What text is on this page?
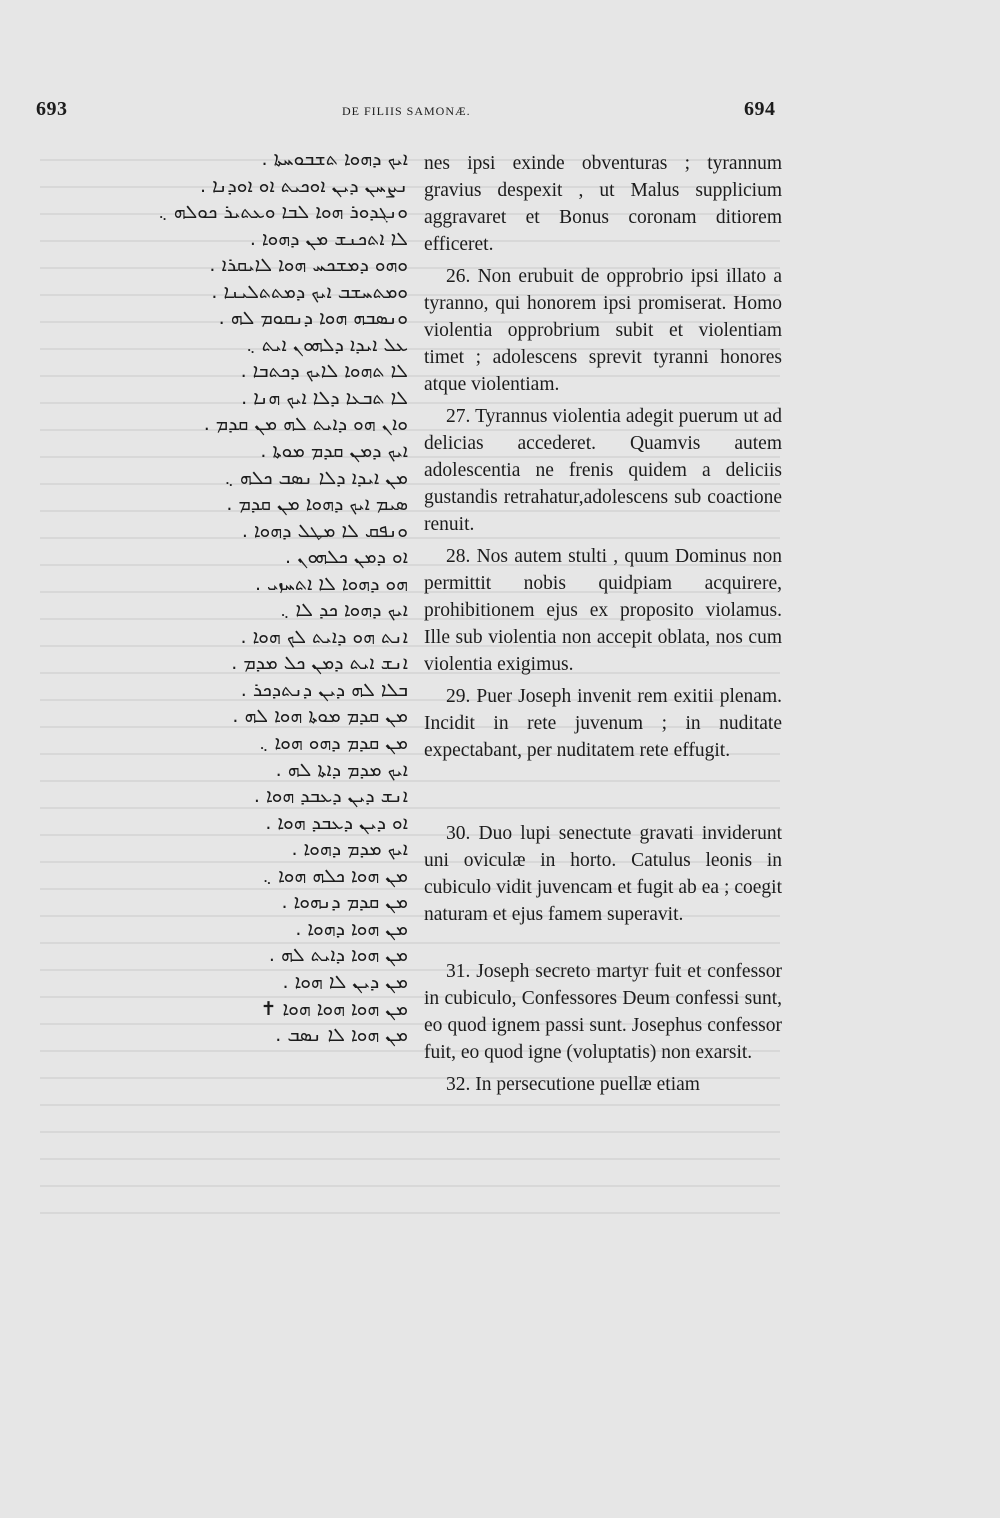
693	DE FILIIS SAMONÆ.	694
ܐܝܟ ܕܗܘܐ ܬܫܒܘܚܬܐ .
ܢܨܚܢ ܕܝܢ ܐܘܟܝܬ ܐܘ ܐܘܕܢܐ .
ܘܢܓܕܘܪ ܗܘܐ ܠܒܐ ܘܥܬܝܪ ܟܘܠܗ ܆
ܠܐ ܐܬܟܢܫ ܡܢ ܕܗܘܐ .
ܘܗܘ ܕܡܫܟܚ ܗܘܐ ܠܐܝܩܪܐ .
ܘܡܬܚܫܒ ܐܝܟ ܕܡܬܬܠܝܢܐ .
ܘܢܣܒܗ ܗܘܐ ܕܢܩܘܡ ܠܗ .
ܥܠ ܐܝܕܐ ܕܠܗܘܢ ܐܝܬ ܆
ܠܐ ܬܗܘܐ ܠܐܝܟ ܕܟܬܒܐ .
ܠܐ ܬܒܥܐ ܕܠܐ ܐܝܟ ܗܢܐ .
ܘܐܢ ܗܘ ܕܐܝܬ ܠܗ ܡܢ ܩܕܡ .
ܐܝܟ ܕܡܢ ܩܕܡ ܡܘܬܐ .
ܡܢ ܐܝܕܐ ܕܠܐ ܢܣܒ ܟܠܗ ܆
ܣܝܡ ܐܝܟ ܕܗܘܐ ܡܢ ܩܕܡ .
ܘܢܦܩ ܠܐ ܡܛܠ ܕܗܘܐ .
ܐܘ ܕܡܢ ܟܠܗܘܢ .
ܗܘ ܕܗܘܐ ܠܐ ܐܬܚܙܝ .
ܐܝܟ ܕܗܘܐ ܟܕ ܠܐ ܆
ܐܢܬ ܗܘ ܕܐܝܬ ܠܟ ܗܘܐ .
ܐܢܫ ܐܝܬ ܕܡܢ ܟܠ ܡܕܡ .
ܒܠܐ ܠܗ ܕܝܢ ܕܢܬܕܟܪ .
ܡܢ ܩܕܡ ܡܘܬܐ ܗܘܐ ܠܗ .
ܡܢ ܩܕܡ ܕܗܘ ܗܘܐ ܆
ܐܝܟ ܡܕܡ ܕܐܬܐ ܠܗ .
ܐܢܫ ܕܝܢ ܕܥܒܕ ܗܘܐ .
ܐܘ ܕܝܢ ܕܥܒܕ ܗܘܐ .
ܐܝܟ ܡܕܡ ܕܗܘܐ .
ܡܢ ܗܘܐ ܟܠܗ ܗܘܐ ܆
ܡܢ ܩܕܡ ܕܢܗܘܐ .
ܡܢ ܗܘܐ ܕܗܘܐ .
ܡܢ ܗܘܐ ܕܐܝܬ ܠܗ .
ܡܢ ܕܝܢ ܠܐ ܗܘܐ .
ܡܢ ܗܘܐ ܗܘܐ ܗܘܐ ✝
ܡܢ ܗܘܐ ܠܐ ܢܣܒ .

nes ipsi exinde obventuras ; tyrannum gravius despexit , ut Malus supplicium aggravaret et Bonus coronam ditiorem efficeret.

26. Non erubuit de opprobrio ipsi illato a tyranno, qui honorem ipsi promiserat. Homo violentia opprobrium subit et violentiam timet ; adolescens sprevit tyranni honores atque violentiam.

27. Tyrannus violentia adegit puerum ut ad delicias accederet. Quamvis autem adolescentia ne frenis quidem a deliciis gustandis retrahatur,adolescens sub coactione renuit.

28. Nos autem stulti , quum Dominus non permittit nobis quidpiam acquirere, prohibitionem ejus ex proposito violamus. Ille sub violentia non accepit oblata, nos cum violentia exigimus.

29. Puer Joseph invenit rem exitii plenam. Incidit in rete juvenum ; in nuditate expectabant, per nuditatem rete effugit.

30. Duo lupi senectute gravati inviderunt uni oviculæ in horto. Catulus leonis in cubiculo vidit juvencam et fugit ab ea ; coegit naturam et ejus famem superavit.

31. Joseph secreto martyr fuit et confessor in cubiculo, Confessores Deum confessi sunt, eo quod ignem passi sunt. Josephus confessor fuit, eo quod igne (voluptatis) non exarsit.

32. In persecutione puellæ etiam
